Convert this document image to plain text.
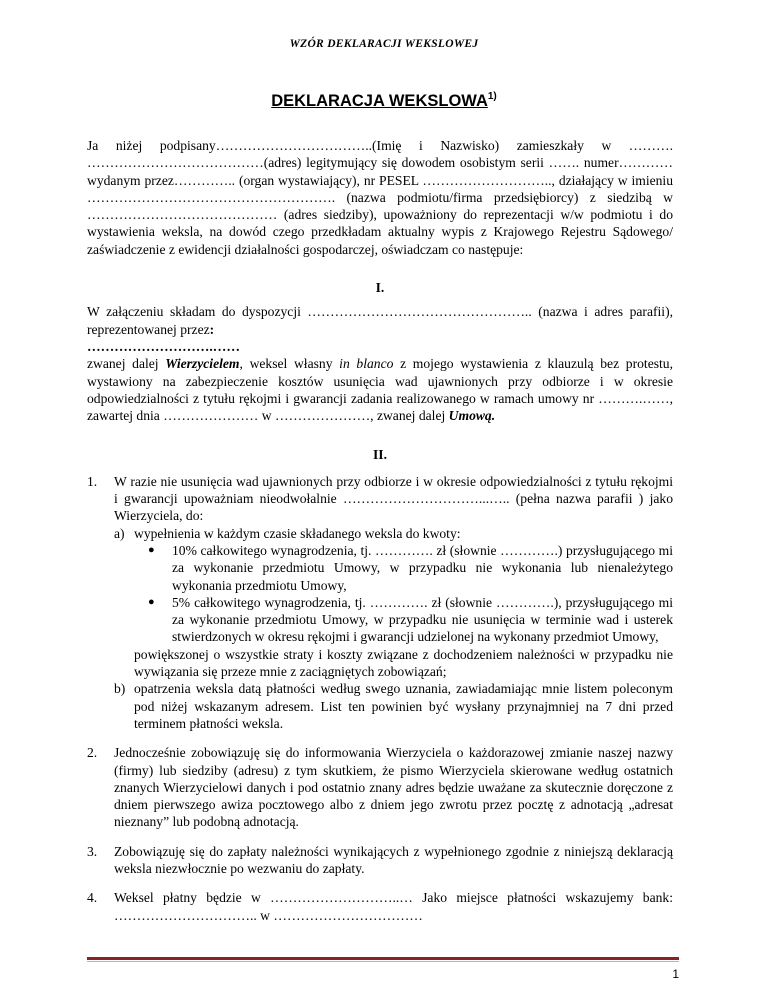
WZÓR DEKLARACJI WEKSLOWEJ
DEKLARACJA WEKSLOWA$^{1)}$

Ja niżej podpisany……………………………..(Imię i Nazwisko) zamieszkały w ………. …………………………………(adres) legitymujący się dowodem osobistym serii ……. numer………… wydanym przez………….. (organ wystawiający), nr PESEL ……………………….., działający w imieniu ………………………………………………. (nazwa podmiotu/firma przedsiębiorcy) z siedzibą w …………………………………… (adres siedziby), upoważniony do reprezentacji w/w podmiotu i do wystawienia weksla, na dowód czego przedkładam aktualny wypis z Krajowego Rejestru Sądowego/ zaświadczenie z ewidencji działalności gospodarczej, oświadczam co następuje:

I.

W załączeniu składam do dyspozycji ………………………………………….. (nazwa i adres parafii), reprezentowanej przez:

……………………….……

zwanej dalej Wierzycielem, weksel własny in blanco z mojego wystawienia z klauzulą bez protestu, wystawiony na zabezpieczenie kosztów usunięcia wad ujawnionych przy odbiorze i w okresie odpowiedzialności z tytułu rękojmi i gwarancji zadania realizowanego w ramach umowy nr ……….……, zawartej dnia ………………… w …………………, zwanej dalej Umową.

II.

1. W razie nie usunięcia wad ujawnionych przy odbiorze i w okresie odpowiedzialności z tytułu rękojmi i gwarancji upoważniam nieodwołalnie …………………………...….. (pełna nazwa parafii ) jako Wierzyciela, do:
a) wypełnienia w każdym czasie składanego weksla do kwoty:
● 10% całkowitego wynagrodzenia, tj. …………. zł (słownie ………….) przysługującego mi za wykonanie przedmiotu Umowy, w przypadku nie wykonania lub nienależytego wykonania przedmiotu Umowy,
● 5% całkowitego wynagrodzenia, tj. …………. zł (słownie ………….), przysługującego mi za wykonanie przedmiotu Umowy, w przypadku nie usunięcia w terminie wad i usterek stwierdzonych w okresu rękojmi i gwarancji udzielonej na wykonany przedmiot Umowy,
powiększonej o wszystkie straty i koszty związane z dochodzeniem należności w przypadku nie wywiązania się przeze mnie z zaciągniętych zobowiązań;
b) opatrzenia weksla datą płatności według swego uznania, zawiadamiając mnie listem poleconym pod niżej wskazanym adresem. List ten powinien być wysłany przynajmniej na 7 dni przed terminem płatności weksla.
2. Jednocześnie zobowiązuję się do informowania Wierzyciela o każdorazowej zmianie naszej nazwy (firmy) lub siedziby (adresu) z tym skutkiem, że pismo Wierzyciela skierowane według ostatnich znanych Wierzycielowi danych i pod ostatnio znany adres będzie uważane za skutecznie doręczone z dniem pierwszego awiza pocztowego albo z dniem jego zwrotu przez pocztę z adnotacją „adresat nieznany” lub podobną adnotacją.
3. Zobowiązuję się do zapłaty należności wynikających z wypełnionego zgodnie z niniejszą deklaracją weksla niezwłocznie po wezwaniu do zapłaty.
4. Weksel płatny będzie w ………………………..… Jako miejsce płatności wskazujemy bank: ………………………….. w ……………………………
1
